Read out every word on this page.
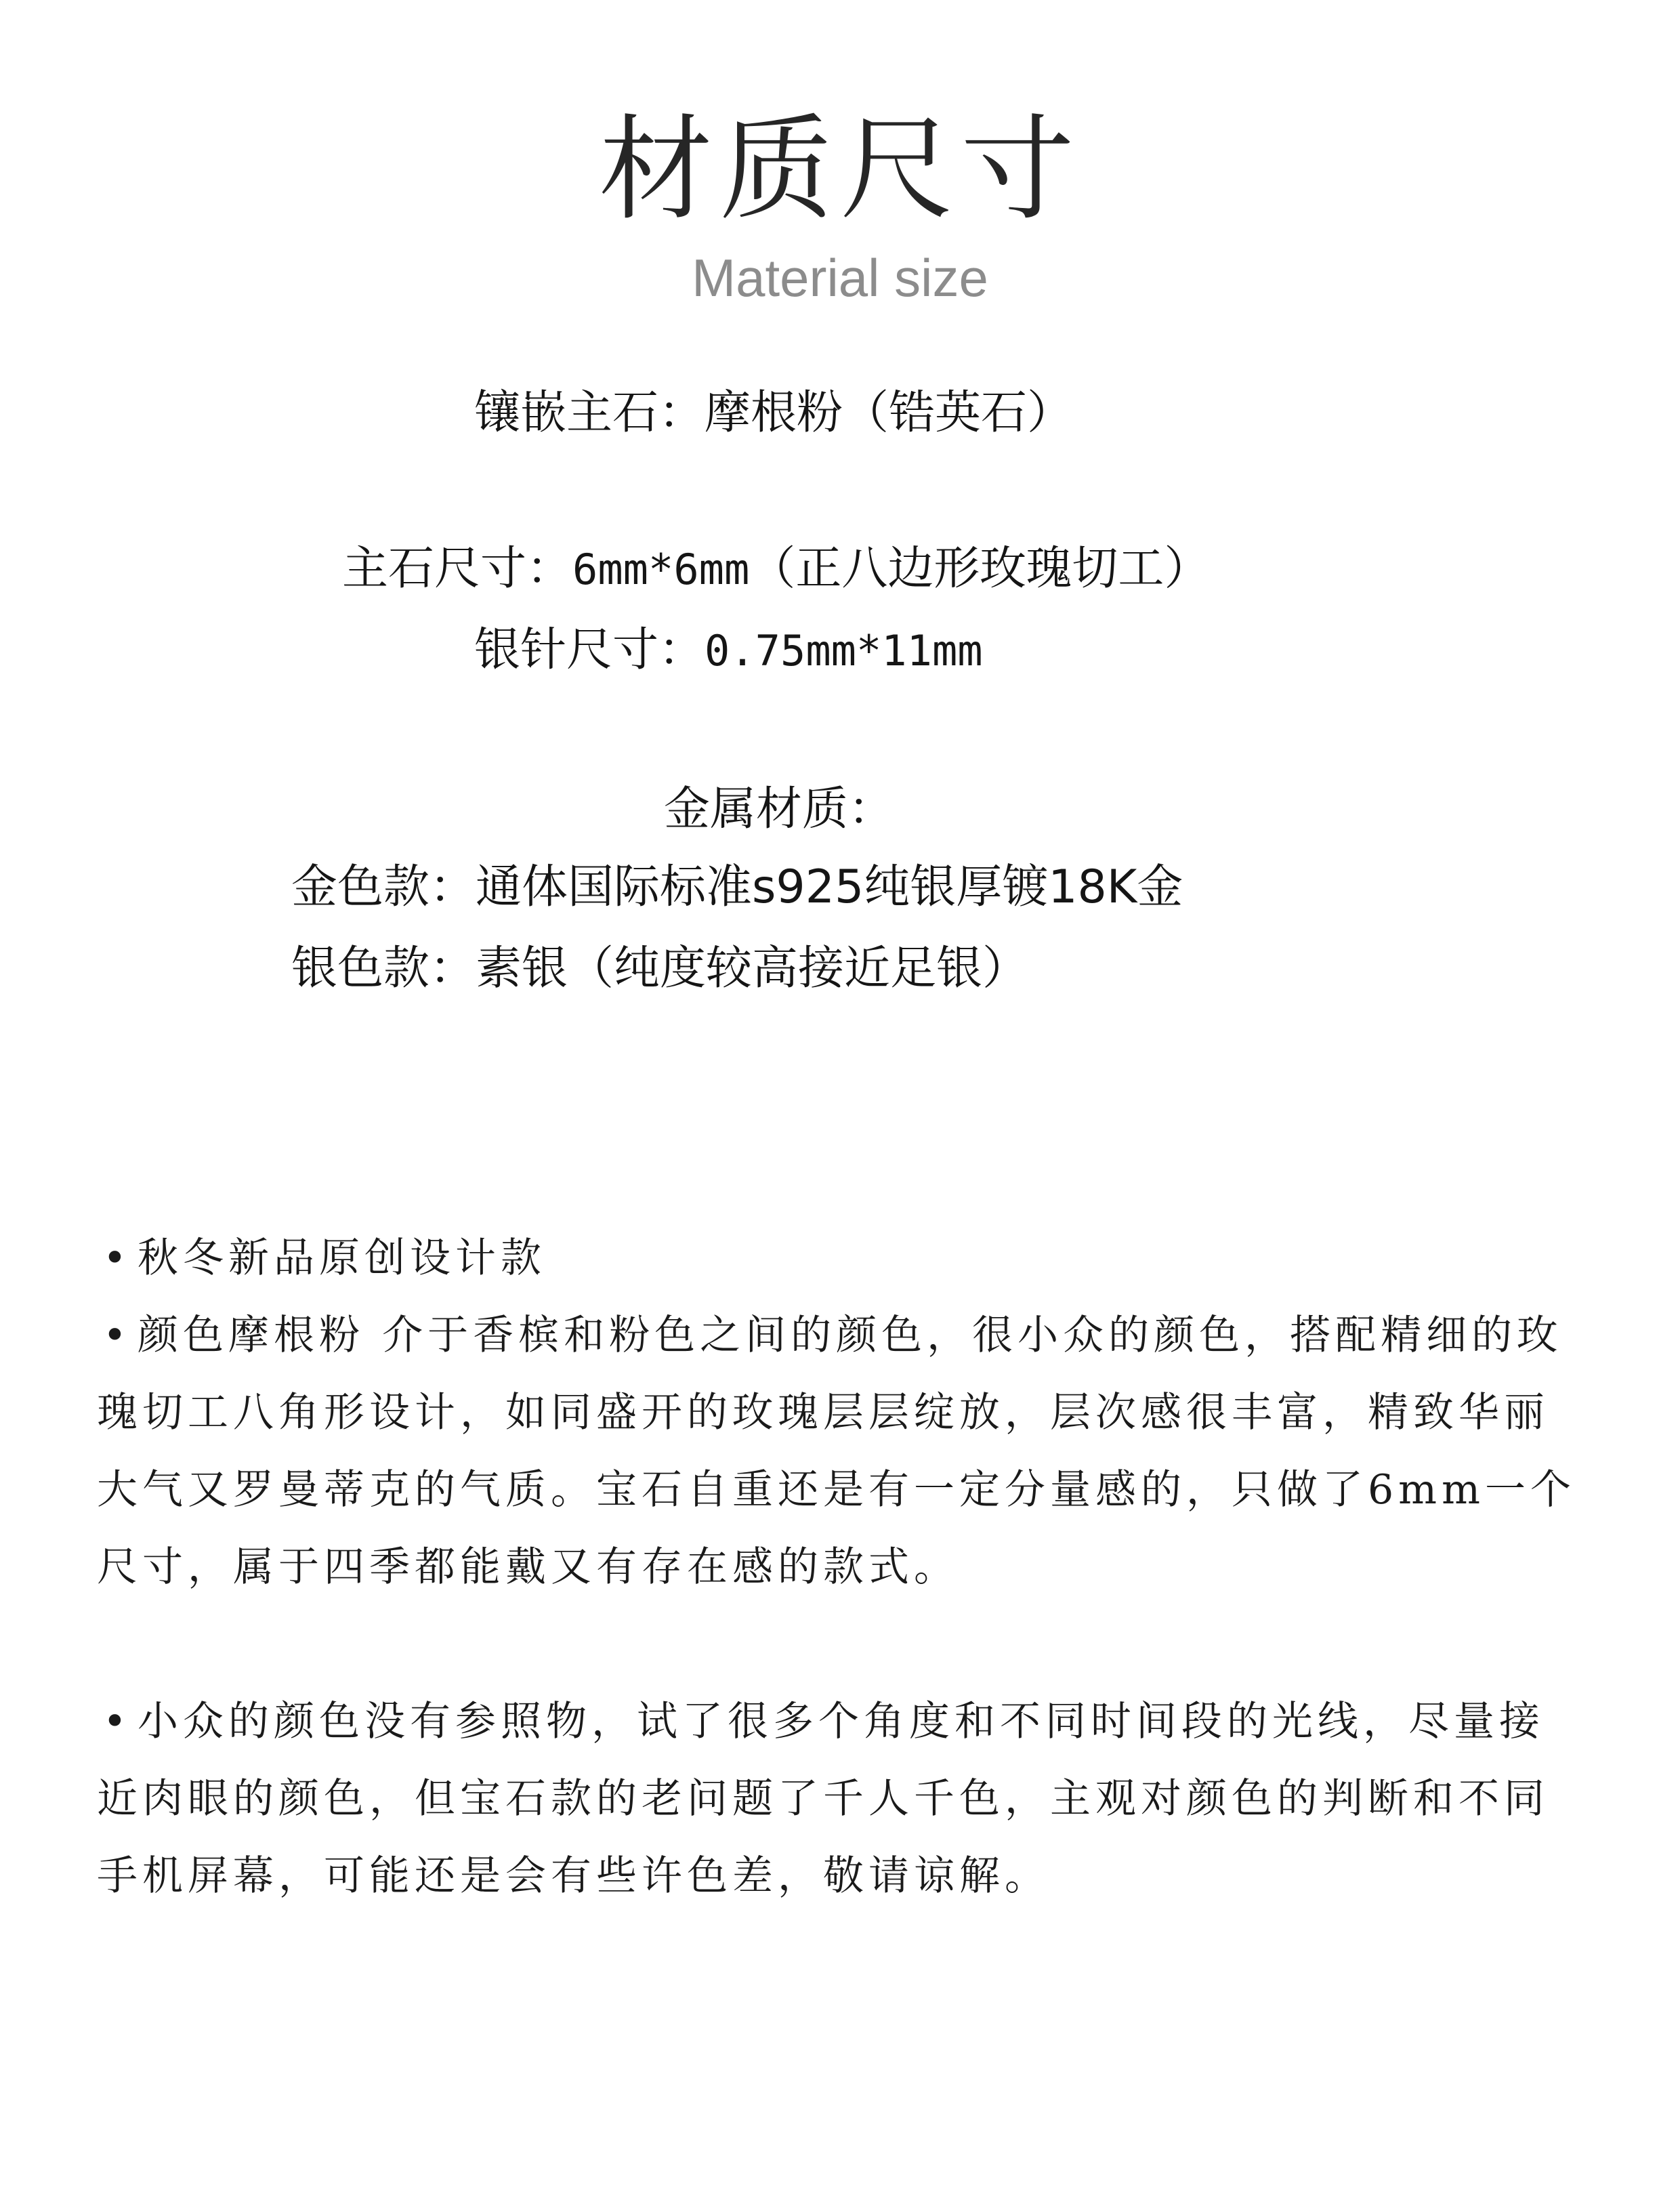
材质尺寸
Material size
镶嵌主石：摩根粉（锆英石）
主石尺寸：6mm*6mm（正八边形玫瑰切工）
银针尺寸：0.75mm*11mm
金属材质：
金色款：通体国际标准s925纯银厚镀18K金
银色款：素银（纯度较高接近足银）

• 秋冬新品原创设计款

• 颜色摩根粉 介于香槟和粉色之间的颜色，很小众的颜色，搭配精细的玫瑰切工八角形设计，如同盛开的玫瑰层层绽放，层次感很丰富，精致华丽大气又罗曼蒂克的气质。宝石自重还是有一定分量感的，只做了6mm一个尺寸，属于四季都能戴又有存在感的款式。

• 小众的颜色没有参照物，试了很多个角度和不同时间段的光线，尽量接近肉眼的颜色，但宝石款的老问题了千人千色，主观对颜色的判断和不同手机屏幕，可能还是会有些许色差，敬请谅解。
